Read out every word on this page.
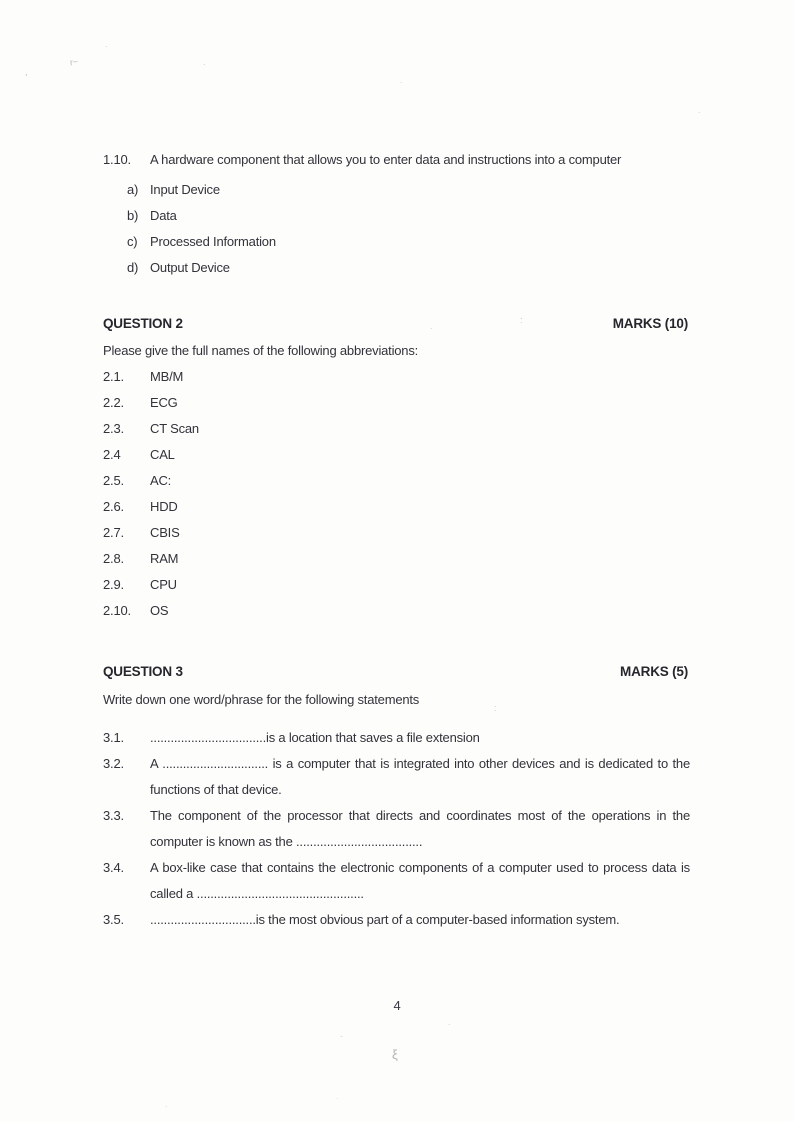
r~
,
.
.
.
.
:
.
:
.
ξ
-
.
.
1.10.	A hardware component that allows you to enter data and instructions into a computer
a) Input Device
b) Data
c) Processed Information
d) Output Device
QUESTION 2	MARKS (10)
Please give the full names of the following abbreviations:
2.1.	MB/M
2.2.	ECG
2.3.	CT Scan
2.4	CAL
2.5.	AC:
2.6.	HDD
2.7.	CBIS
2.8.	RAM
2.9.	CPU
2.10.	OS
QUESTION 3	MARKS (5)
Write down one word/phrase for the following statements
3.1.	..................................is a location that saves a file extension
3.2.	A ............................... is a computer that is integrated into other devices and is dedicated to the functions of that device.
3.3.	The component of the processor that directs and coordinates most of the operations in the computer is known as the .....................................
3.4.	A box-like case that contains the electronic components of a computer used to process data is called a .................................................
3.5.	...............................is the most obvious part of a computer-based information system.
4
